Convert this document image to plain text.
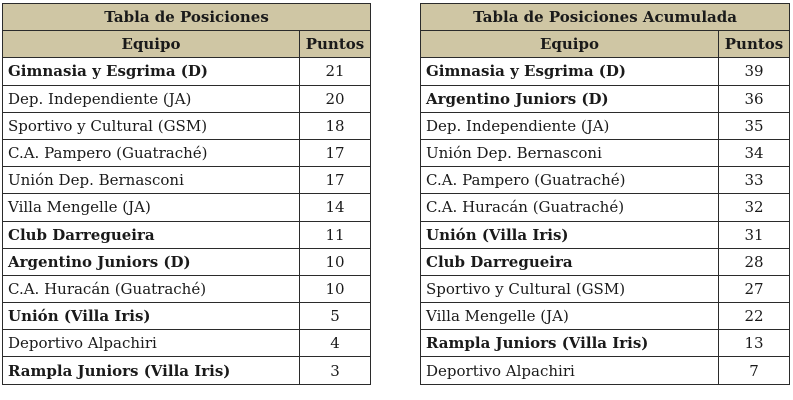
Tabla de Posiciones	
Equipo	Puntos
Gimnasia y Esgrima (D)	21
Dep. Independiente (JA)	20
Sportivo y Cultural (GSM)	18
C.A. Pampero (Guatraché)	17
Unión Dep. Bernasconi	17
Villa Mengelle (JA)	14
Club Darregueira	11
Argentino Juniors (D)	10
C.A. Huracán (Guatraché)	10
Unión (Villa Iris)	5
Deportivo Alpachiri	4
Rampla Juniors (Villa Iris)	3
Tabla de Posiciones Acumulada	
Equipo	Puntos
Gimnasia y Esgrima (D)	39
Argentino Juniors (D)	36
Dep. Independiente (JA)	35
Unión Dep. Bernasconi	34
C.A. Pampero (Guatraché)	33
C.A. Huracán (Guatraché)	32
Unión (Villa Iris)	31
Club Darregueira	28
Sportivo y Cultural (GSM)	27
Villa Mengelle (JA)	22
Rampla Juniors (Villa Iris)	13
Deportivo Alpachiri	7
